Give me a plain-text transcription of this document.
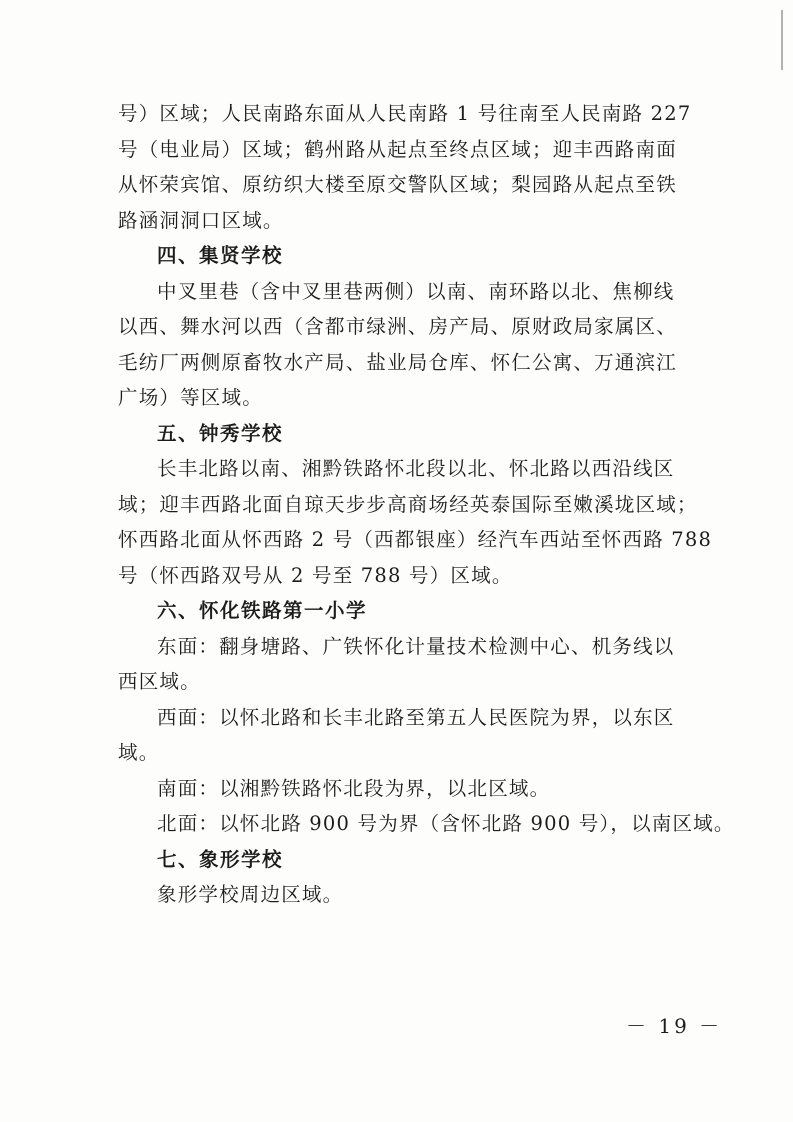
号）区域；人民南路东面从人民南路 1 号往南至人民南路 227
号（电业局）区域；鹤州路从起点至终点区域；迎丰西路南面
从怀荣宾馆、原纺织大楼至原交警队区域；梨园路从起点至铁
路涵洞洞口区域。
四、集贤学校
中叉里巷（含中叉里巷两侧）以南、南环路以北、焦柳线
以西、舞水河以西（含都市绿洲、房产局、原财政局家属区、
毛纺厂两侧原畜牧水产局、盐业局仓库、怀仁公寓、万通滨江
广场）等区域。
五、钟秀学校
长丰北路以南、湘黔铁路怀北段以北、怀北路以西沿线区
域；迎丰西路北面自琼天步步高商场经英泰国际至嫩溪垅区域；
怀西路北面从怀西路 2 号（西都银座）经汽车西站至怀西路 788
号（怀西路双号从 2 号至 788 号）区域。
六、怀化铁路第一小学
东面：翻身塘路、广铁怀化计量技术检测中心、机务线以
西区域。
西面：以怀北路和长丰北路至第五人民医院为界，以东区
域。
南面：以湘黔铁路怀北段为界，以北区域。
北面：以怀北路 900 号为界（含怀北路 900 号），以南区域。
七、象形学校
象形学校周边区域。
－ 19 －
